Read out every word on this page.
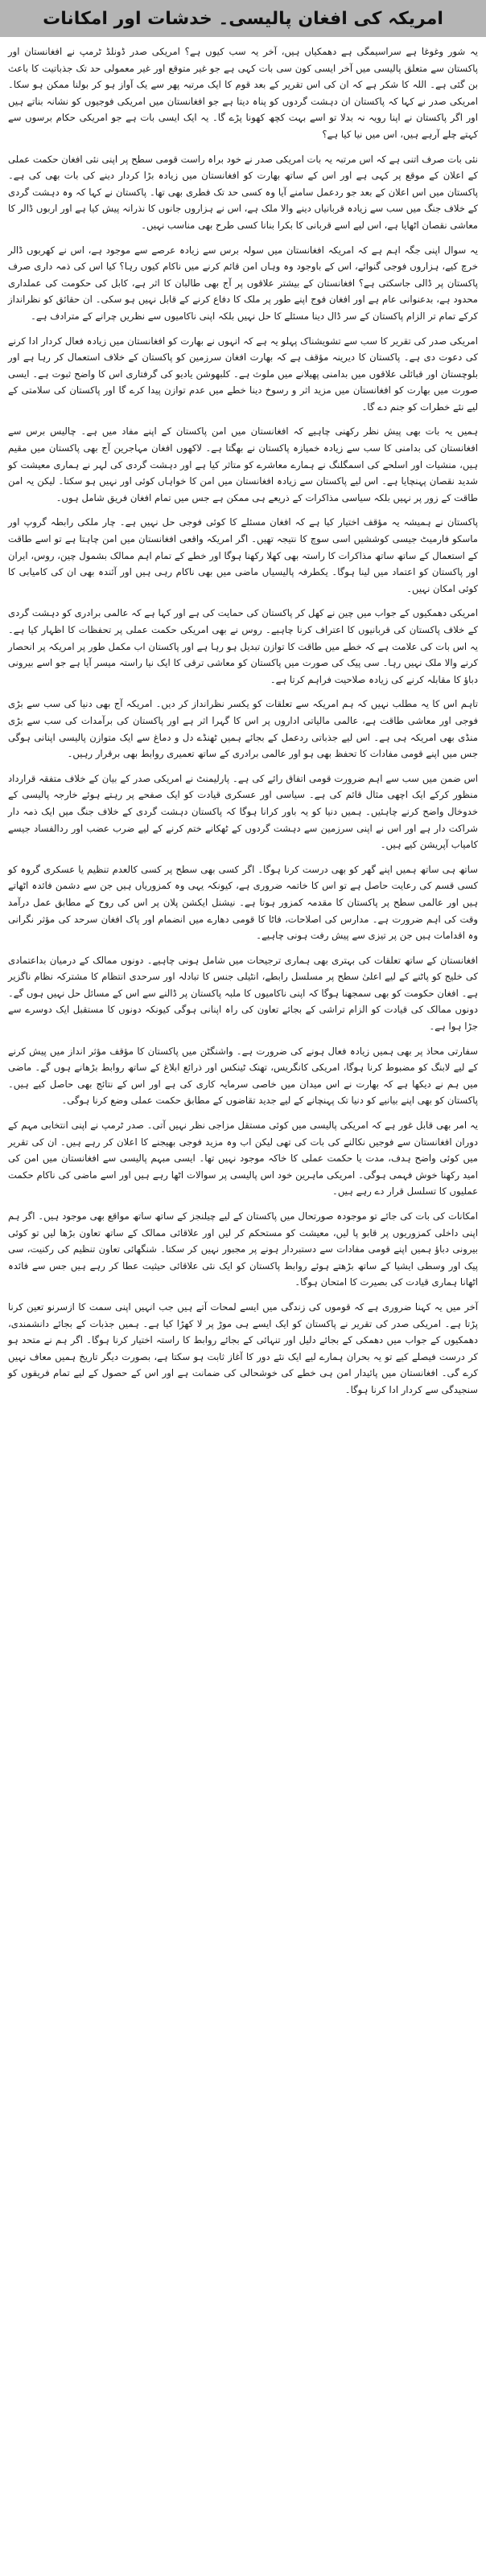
امریکہ کی افغان پالیسی۔ خدشات اور امکانات

یہ شور وغوغا ہے سراسیمگی ہے دھمکیاں ہیں، آخر یہ سب کیوں ہے؟ امریکی صدر ڈونلڈ ٹرمپ نے افغانستان اور پاکستان سے متعلق پالیسی میں آخر ایسی کون سی بات کہی ہے جو غیر متوقع اور غیر معمولی حد تک جذباتیت کا باعث بن گئی ہے۔ اللہ کا شکر ہے کہ ان کی اس تقریر کے بعد قوم کا ایک مرتبہ پھر سے یک آواز ہو کر بولنا ممکن ہو سکا۔ امریکی صدر نے کہا کہ پاکستان ان دہشت گردوں کو پناہ دیتا ہے جو افغانستان میں امریکی فوجیوں کو نشانہ بناتے ہیں اور اگر پاکستان نے اپنا رویہ نہ بدلا تو اسے بہت کچھ کھونا پڑے گا۔ یہ ایک ایسی بات ہے جو امریکی حکام برسوں سے کہتے چلے آرہے ہیں، اس میں نیا کیا ہے؟

نئی بات صرف اتنی ہے کہ اس مرتبہ یہ بات امریکی صدر نے خود براہ راست قومی سطح پر اپنی نئی افغان حکمت عملی کے اعلان کے موقع پر کہی ہے اور اس کے ساتھ بھارت کو افغانستان میں زیادہ بڑا کردار دینے کی بات بھی کی ہے۔ پاکستان میں اس اعلان کے بعد جو ردعمل سامنے آیا وہ کسی حد تک فطری بھی تھا۔ پاکستان نے کہا کہ وہ دہشت گردی کے خلاف جنگ میں سب سے زیادہ قربانیاں دینے والا ملک ہے، اس نے ہزاروں جانوں کا نذرانہ پیش کیا ہے اور اربوں ڈالر کا معاشی نقصان اٹھایا ہے، اس لیے اسے قربانی کا بکرا بنانا کسی طرح بھی مناسب نہیں۔

یہ سوال اپنی جگہ اہم ہے کہ امریکہ افغانستان میں سولہ برس سے زیادہ عرصے سے موجود ہے، اس نے کھربوں ڈالر خرچ کیے، ہزاروں فوجی گنوائے، اس کے باوجود وہ وہاں امن قائم کرنے میں ناکام کیوں رہا؟ کیا اس کی ذمہ داری صرف پاکستان پر ڈالی جاسکتی ہے؟ افغانستان کے بیشتر علاقوں پر آج بھی طالبان کا اثر ہے، کابل کی حکومت کی عملداری محدود ہے، بدعنوانی عام ہے اور افغان فوج اپنے طور پر ملک کا دفاع کرنے کے قابل نہیں ہو سکی۔ ان حقائق کو نظرانداز کرکے تمام تر الزام پاکستان کے سر ڈال دینا مسئلے کا حل نہیں بلکہ اپنی ناکامیوں سے نظریں چرانے کے مترادف ہے۔

امریکی صدر کی تقریر کا سب سے تشویشناک پہلو یہ ہے کہ انہوں نے بھارت کو افغانستان میں زیادہ فعال کردار ادا کرنے کی دعوت دی ہے۔ پاکستان کا دیرینہ مؤقف ہے کہ بھارت افغان سرزمین کو پاکستان کے خلاف استعمال کر رہا ہے اور بلوچستان اور قبائلی علاقوں میں بدامنی پھیلانے میں ملوث ہے۔ کلبھوشن یادیو کی گرفتاری اس کا واضح ثبوت ہے۔ ایسی صورت میں بھارت کو افغانستان میں مزید اثر و رسوخ دینا خطے میں عدم توازن پیدا کرے گا اور پاکستان کی سلامتی کے لیے نئے خطرات کو جنم دے گا۔

ہمیں یہ بات بھی پیش نظر رکھنی چاہیے کہ افغانستان میں امن پاکستان کے اپنے مفاد میں ہے۔ چالیس برس سے افغانستان کی بدامنی کا سب سے زیادہ خمیازہ پاکستان نے بھگتا ہے۔ لاکھوں افغان مہاجرین آج بھی پاکستان میں مقیم ہیں، منشیات اور اسلحے کی اسمگلنگ نے ہمارے معاشرے کو متاثر کیا ہے اور دہشت گردی کی لہر نے ہماری معیشت کو شدید نقصان پہنچایا ہے۔ اس لیے پاکستان سے زیادہ افغانستان میں امن کا خواہاں کوئی اور نہیں ہو سکتا۔ لیکن یہ امن طاقت کے زور پر نہیں بلکہ سیاسی مذاکرات کے ذریعے ہی ممکن ہے جس میں تمام افغان فریق شامل ہوں۔

پاکستان نے ہمیشہ یہ مؤقف اختیار کیا ہے کہ افغان مسئلے کا کوئی فوجی حل نہیں ہے۔ چار ملکی رابطہ گروپ اور ماسکو فارمیٹ جیسی کوششیں اسی سوچ کا نتیجہ تھیں۔ اگر امریکہ واقعی افغانستان میں امن چاہتا ہے تو اسے طاقت کے استعمال کے ساتھ ساتھ مذاکرات کا راستہ بھی کھلا رکھنا ہوگا اور خطے کے تمام اہم ممالک بشمول چین، روس، ایران اور پاکستان کو اعتماد میں لینا ہوگا۔ یکطرفہ پالیسیاں ماضی میں بھی ناکام رہی ہیں اور آئندہ بھی ان کی کامیابی کا کوئی امکان نہیں۔

امریکی دھمکیوں کے جواب میں چین نے کھل کر پاکستان کی حمایت کی ہے اور کہا ہے کہ عالمی برادری کو دہشت گردی کے خلاف پاکستان کی قربانیوں کا اعتراف کرنا چاہیے۔ روس نے بھی امریکی حکمت عملی پر تحفظات کا اظہار کیا ہے۔ یہ اس بات کی علامت ہے کہ خطے میں طاقت کا توازن تبدیل ہو رہا ہے اور پاکستان اب مکمل طور پر امریکہ پر انحصار کرنے والا ملک نہیں رہا۔ سی پیک کی صورت میں پاکستان کو معاشی ترقی کا ایک نیا راستہ میسر آیا ہے جو اسے بیرونی دباؤ کا مقابلہ کرنے کی زیادہ صلاحیت فراہم کرتا ہے۔

تاہم اس کا یہ مطلب نہیں کہ ہم امریکہ سے تعلقات کو یکسر نظرانداز کر دیں۔ امریکہ آج بھی دنیا کی سب سے بڑی فوجی اور معاشی طاقت ہے، عالمی مالیاتی اداروں پر اس کا گہرا اثر ہے اور پاکستان کی برآمدات کی سب سے بڑی منڈی بھی امریکہ ہی ہے۔ اس لیے جذباتی ردعمل کے بجائے ہمیں ٹھنڈے دل و دماغ سے ایک متوازن پالیسی اپنانی ہوگی جس میں اپنے قومی مفادات کا تحفظ بھی ہو اور عالمی برادری کے ساتھ تعمیری روابط بھی برقرار رہیں۔

اس ضمن میں سب سے اہم ضرورت قومی اتفاق رائے کی ہے۔ پارلیمنٹ نے امریکی صدر کے بیان کے خلاف متفقہ قرارداد منظور کرکے ایک اچھی مثال قائم کی ہے۔ سیاسی اور عسکری قیادت کو ایک صفحے پر رہتے ہوئے خارجہ پالیسی کے خدوخال واضح کرنے چاہئیں۔ ہمیں دنیا کو یہ باور کرانا ہوگا کہ پاکستان دہشت گردی کے خلاف جنگ میں ایک ذمہ دار شراکت دار ہے اور اس نے اپنی سرزمین سے دہشت گردوں کے ٹھکانے ختم کرنے کے لیے ضرب عضب اور ردالفساد جیسے کامیاب آپریشن کیے ہیں۔

ساتھ ہی ساتھ ہمیں اپنے گھر کو بھی درست کرنا ہوگا۔ اگر کسی بھی سطح پر کسی کالعدم تنظیم یا عسکری گروہ کو کسی قسم کی رعایت حاصل ہے تو اس کا خاتمہ ضروری ہے، کیونکہ یہی وہ کمزوریاں ہیں جن سے دشمن فائدہ اٹھاتے ہیں اور عالمی سطح پر پاکستان کا مقدمہ کمزور ہوتا ہے۔ نیشنل ایکشن پلان پر اس کی روح کے مطابق عمل درآمد وقت کی اہم ضرورت ہے۔ مدارس کی اصلاحات، فاٹا کا قومی دھارے میں انضمام اور پاک افغان سرحد کی مؤثر نگرانی وہ اقدامات ہیں جن پر تیزی سے پیش رفت ہونی چاہیے۔

افغانستان کے ساتھ تعلقات کی بہتری بھی ہماری ترجیحات میں شامل ہونی چاہیے۔ دونوں ممالک کے درمیان بداعتمادی کی خلیج کو پاٹنے کے لیے اعلیٰ سطح پر مسلسل رابطے، انٹیلی جنس کا تبادلہ اور سرحدی انتظام کا مشترکہ نظام ناگزیر ہے۔ افغان حکومت کو بھی سمجھنا ہوگا کہ اپنی ناکامیوں کا ملبہ پاکستان پر ڈالنے سے اس کے مسائل حل نہیں ہوں گے۔ دونوں ممالک کی قیادت کو الزام تراشی کے بجائے تعاون کی راہ اپنانی ہوگی کیونکہ دونوں کا مستقبل ایک دوسرے سے جڑا ہوا ہے۔

سفارتی محاذ پر بھی ہمیں زیادہ فعال ہونے کی ضرورت ہے۔ واشنگٹن میں پاکستان کا مؤقف مؤثر انداز میں پیش کرنے کے لیے لابنگ کو مضبوط کرنا ہوگا، امریکی کانگریس، تھنک ٹینکس اور ذرائع ابلاغ کے ساتھ روابط بڑھانے ہوں گے۔ ماضی میں ہم نے دیکھا ہے کہ بھارت نے اس میدان میں خاصی سرمایہ کاری کی ہے اور اس کے نتائج بھی حاصل کیے ہیں۔ پاکستان کو بھی اپنے بیانیے کو دنیا تک پہنچانے کے لیے جدید تقاضوں کے مطابق حکمت عملی وضع کرنا ہوگی۔

یہ امر بھی قابل غور ہے کہ امریکی پالیسی میں کوئی مستقل مزاجی نظر نہیں آتی۔ صدر ٹرمپ نے اپنی انتخابی مہم کے دوران افغانستان سے فوجیں نکالنے کی بات کی تھی لیکن اب وہ مزید فوجی بھیجنے کا اعلان کر رہے ہیں۔ ان کی تقریر میں کوئی واضح ہدف، مدت یا حکمت عملی کا خاکہ موجود نہیں تھا۔ ایسی مبہم پالیسی سے افغانستان میں امن کی امید رکھنا خوش فہمی ہوگی۔ امریکی ماہرین خود اس پالیسی پر سوالات اٹھا رہے ہیں اور اسے ماضی کی ناکام حکمت عملیوں کا تسلسل قرار دے رہے ہیں۔

امکانات کی بات کی جائے تو موجودہ صورتحال میں پاکستان کے لیے چیلنجز کے ساتھ ساتھ مواقع بھی موجود ہیں۔ اگر ہم اپنی داخلی کمزوریوں پر قابو پا لیں، معیشت کو مستحکم کر لیں اور علاقائی ممالک کے ساتھ تعاون بڑھا لیں تو کوئی بیرونی دباؤ ہمیں اپنے قومی مفادات سے دستبردار ہونے پر مجبور نہیں کر سکتا۔ شنگھائی تعاون تنظیم کی رکنیت، سی پیک اور وسطی ایشیا کے ساتھ بڑھتے ہوئے روابط پاکستان کو ایک نئی علاقائی حیثیت عطا کر رہے ہیں جس سے فائدہ اٹھانا ہماری قیادت کی بصیرت کا امتحان ہوگا۔

آخر میں یہ کہنا ضروری ہے کہ قوموں کی زندگی میں ایسے لمحات آتے ہیں جب انہیں اپنی سمت کا ازسرنو تعین کرنا پڑتا ہے۔ امریکی صدر کی تقریر نے پاکستان کو ایک ایسے ہی موڑ پر لا کھڑا کیا ہے۔ ہمیں جذبات کے بجائے دانشمندی، دھمکیوں کے جواب میں دھمکی کے بجائے دلیل اور تنہائی کے بجائے روابط کا راستہ اختیار کرنا ہوگا۔ اگر ہم نے متحد ہو کر درست فیصلے کیے تو یہ بحران ہمارے لیے ایک نئے دور کا آغاز ثابت ہو سکتا ہے، بصورت دیگر تاریخ ہمیں معاف نہیں کرے گی۔ افغانستان میں پائیدار امن ہی خطے کی خوشحالی کی ضمانت ہے اور اس کے حصول کے لیے تمام فریقوں کو سنجیدگی سے کردار ادا کرنا ہوگا۔
